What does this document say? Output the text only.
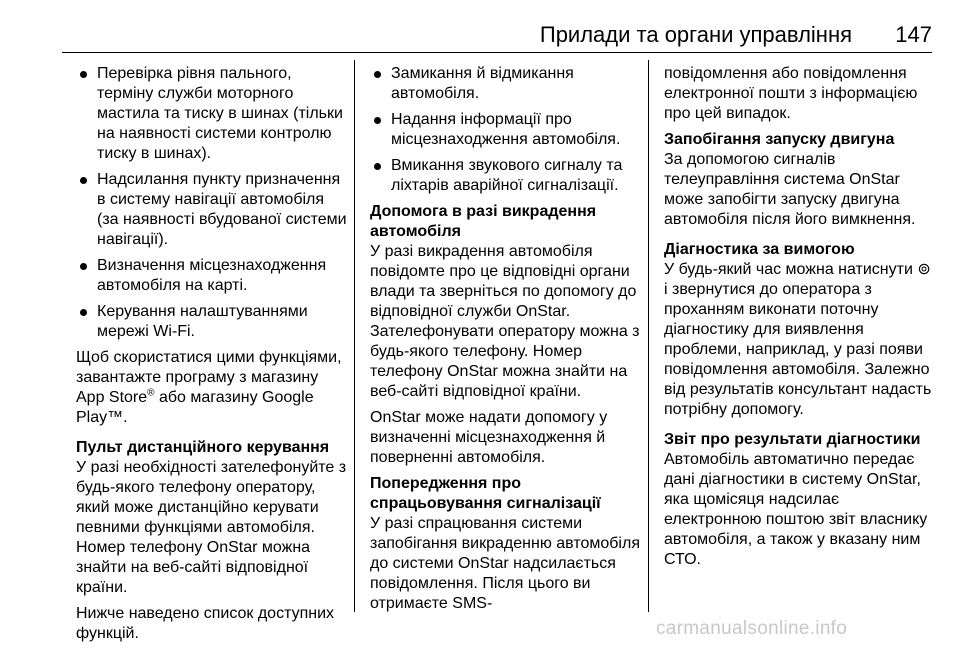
Прилади та органи управління 147
Перевірка рівня пального, терміну служби моторного мастила та тиску в шинах (тільки на наявності системи контролю тиску в шинах).
Надсилання пункту призначення в систему навігації автомобіля (за наявності вбудованої системи навігації).
Визначення місцезнаходження автомобіля на карті.
Керування налаштуваннями мережі Wi-Fi.

Щоб скористатися цими функціями, завантажте програму з магазину App Store® або магазину Google Play™.

Пульт дистанційного керування

У разі необхідності зателефонуйте з будь-якого телефону оператору, який може дистанційно керувати певними функціями автомобіля. Номер телефону OnStar можна знайти на веб-сайті відповідної країни.

Нижче наведено список доступних функцій.

Замикання й відмикання автомобіля.
Надання інформації про місцезнаходження автомобіля.
Вмикання звукового сигналу та ліхтарів аварійної сигналізації.
Допомога в разі викрадення автомобіля

У разі викрадення автомобіля повідомте про це відповідні органи влади та зверніться по допомогу до відповідної служби OnStar. Зателефонувати оператору можна з будь-якого телефону. Номер телефону OnStar можна знайти на веб-сайті відповідної країни.

OnStar може надати допомогу у визначенні місцезнаходження й поверненні автомобіля.

Попередження про спрацьовування сигналізації

У разі спрацювання системи запобігання викраденню автомобіля до системи OnStar надсилається повідомлення. Після цього ви отримаєте SMS-

повідомлення або повідомлення електронної пошти з інформацією про цей випадок.

Запобігання запуску двигуна

За допомогою сигналів телеуправління система OnStar може запобігти запуску двигуна автомобіля після його вимкнення.

Діагностика за вимогою

У будь-який час можна натиснути ⊚ і звернутися до оператора з проханням виконати поточну діагностику для виявлення проблеми, наприклад, у разі появи повідомлення автомобіля. Залежно від результатів консультант надасть потрібну допомогу.

Звіт про результати діагностики

Автомобіль автоматично передає дані діагностики в систему OnStar, яка щомісяця надсилає електронною поштою звіт власнику автомобіля, а також у вказану ним СТО.

carmanualsonline.info
